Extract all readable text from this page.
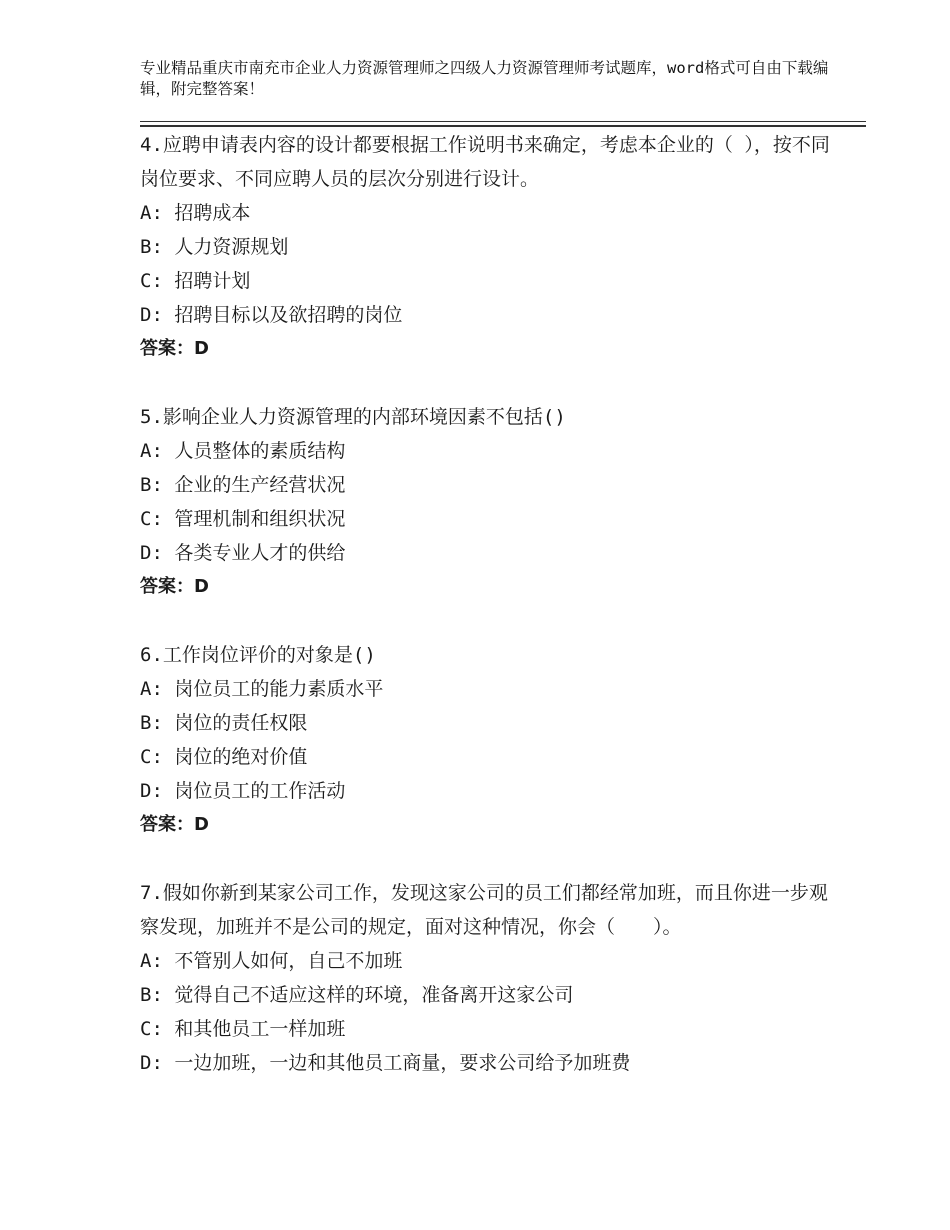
专业精品重庆市南充市企业人力资源管理师之四级人力资源管理师考试题库，word格式可自由下载编辑，附完整答案！

4.应聘申请表内容的设计都要根据工作说明书来确定，考虑本企业的（ ），按不同岗位要求、不同应聘人员的层次分别进行设计。

A: 招聘成本

B: 人力资源规划

C: 招聘计划

D: 招聘目标以及欲招聘的岗位

答案：D

5.影响企业人力资源管理的内部环境因素不包括()

A: 人员整体的素质结构

B: 企业的生产经营状况

C: 管理机制和组织状况

D: 各类专业人才的供给

答案：D

6.工作岗位评价的对象是()

A: 岗位员工的能力素质水平

B: 岗位的责任权限

C: 岗位的绝对价值

D: 岗位员工的工作活动

答案：D

7.假如你新到某家公司工作，发现这家公司的员工们都经常加班，而且你进一步观察发现，加班并不是公司的规定，面对这种情况，你会（　　）。

A: 不管别人如何，自己不加班

B: 觉得自己不适应这样的环境，准备离开这家公司

C: 和其他员工一样加班

D: 一边加班，一边和其他员工商量，要求公司给予加班费
